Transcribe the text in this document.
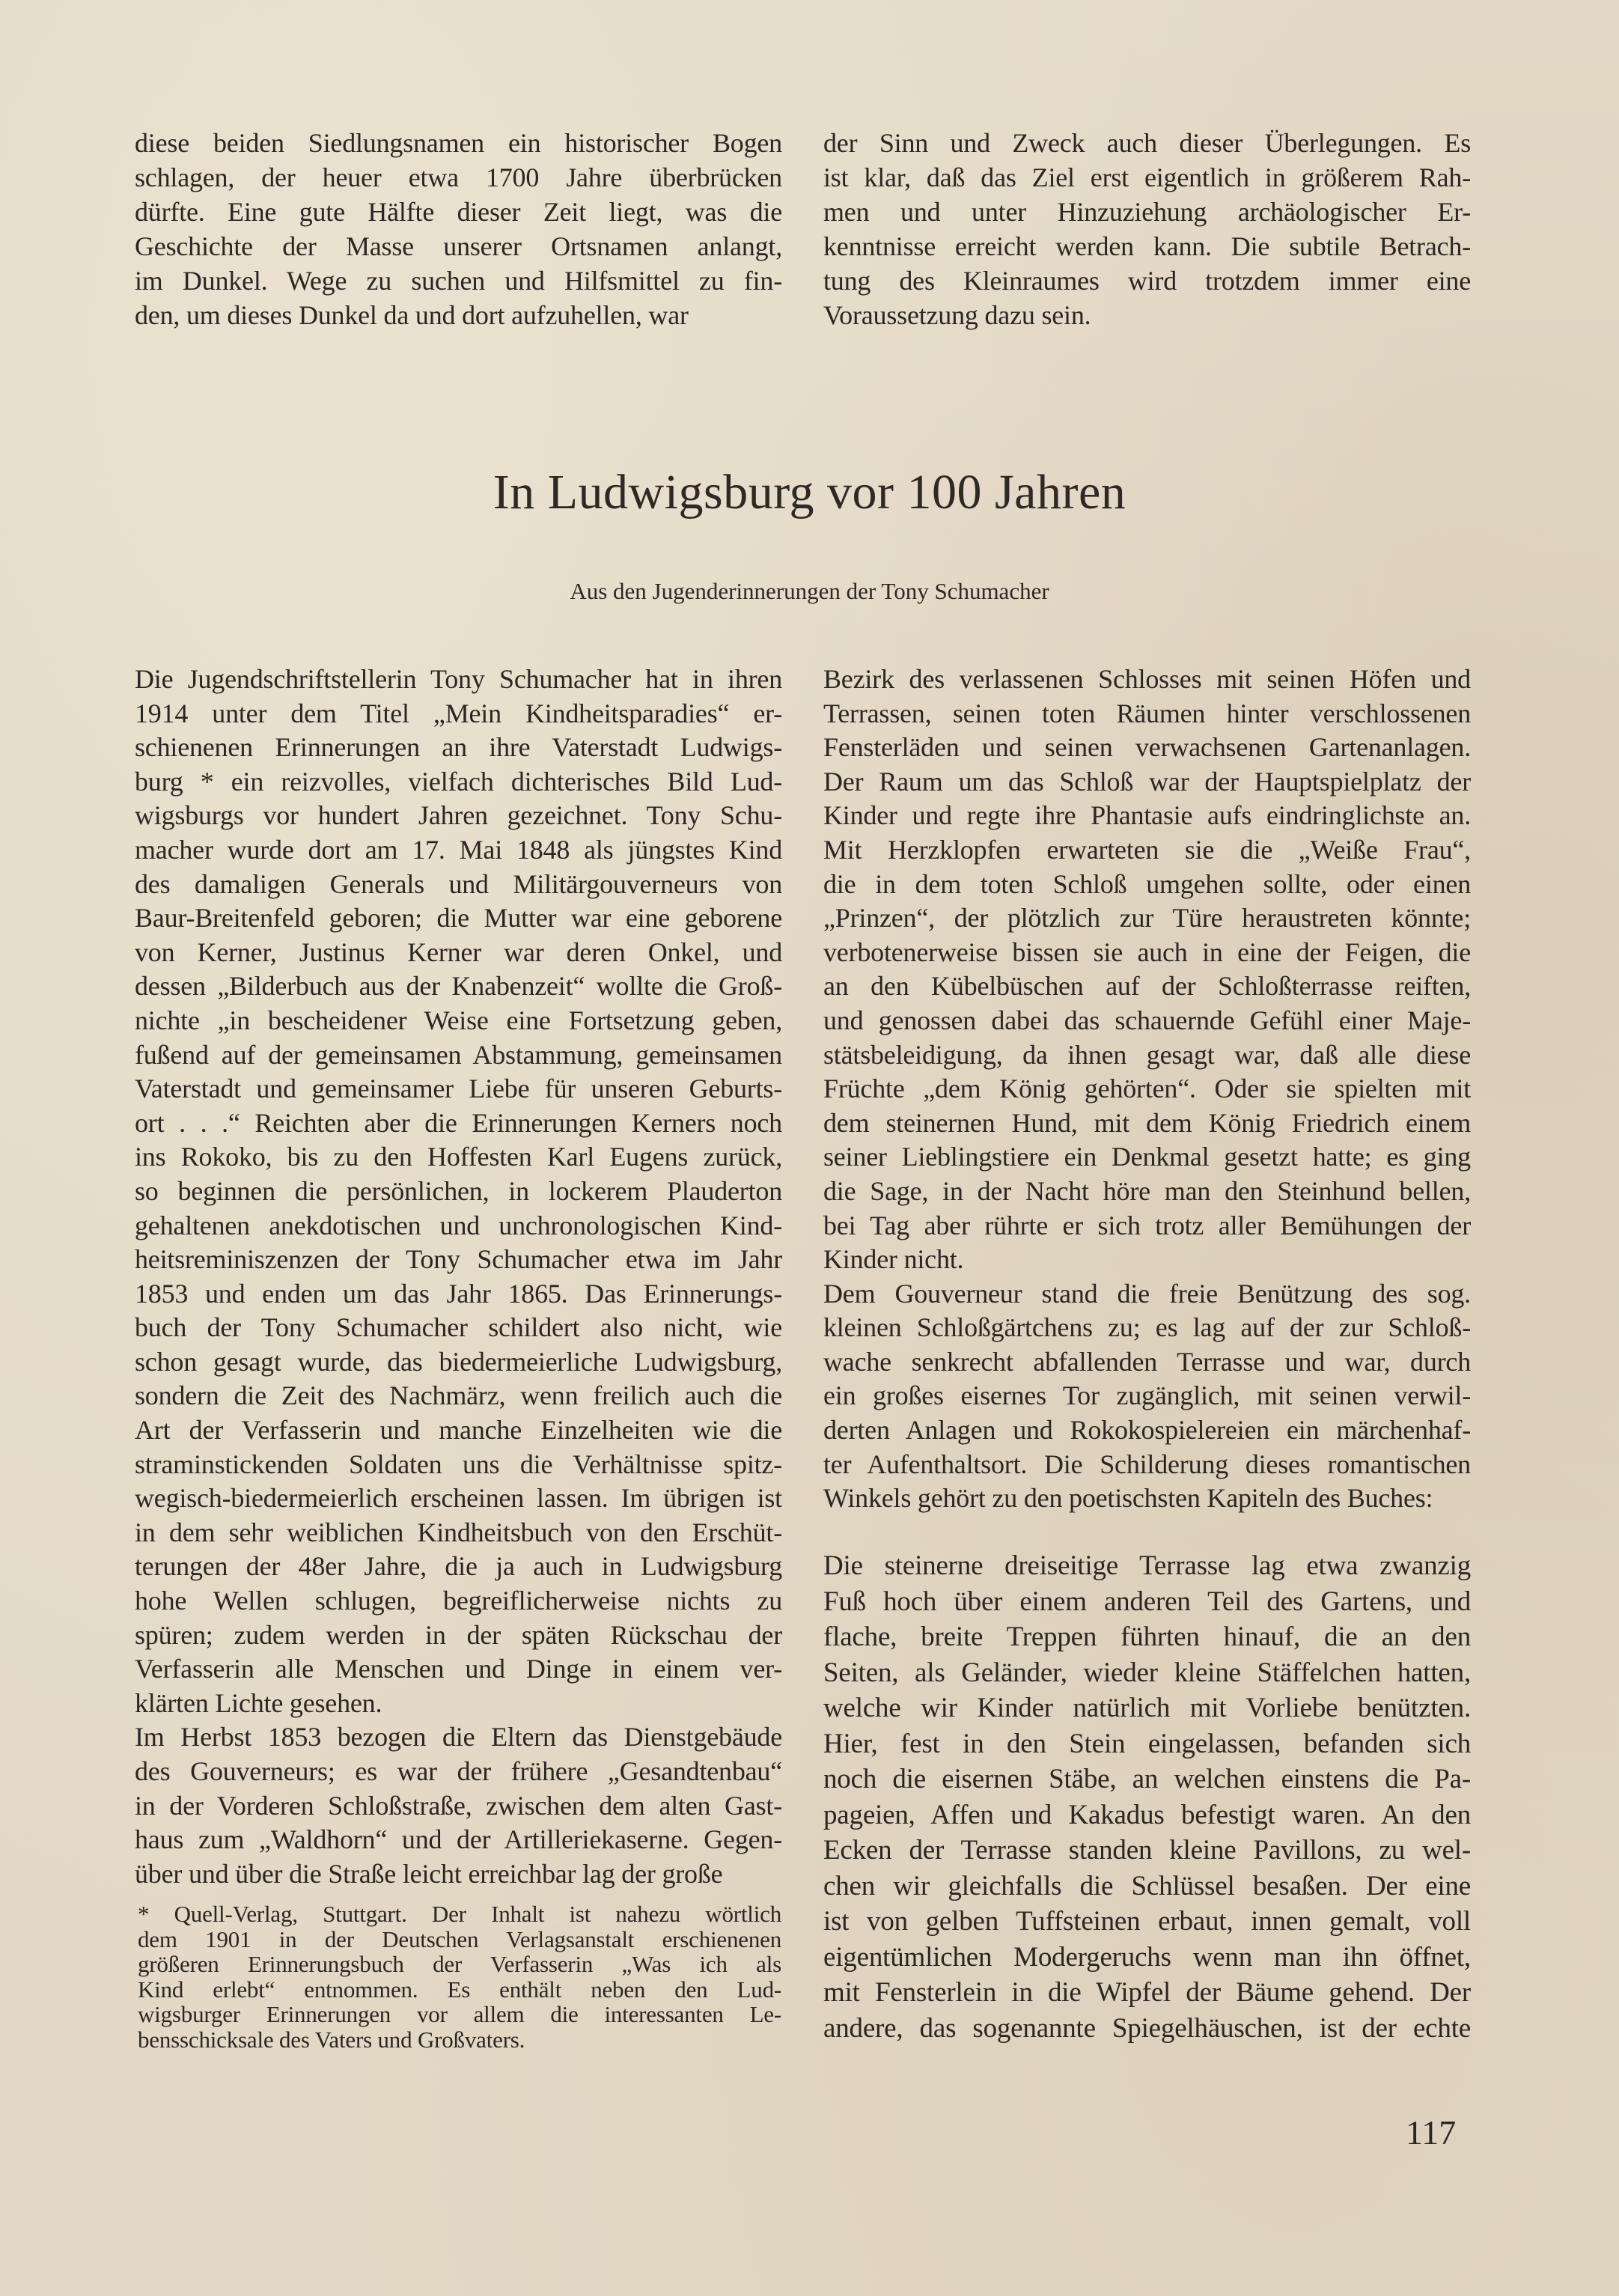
diese beiden Siedlungsnamen ein historischer Bogen
schlagen, der heuer etwa 1700 Jahre überbrücken
dürfte. Eine gute Hälfte dieser Zeit liegt, was die
Geschichte der Masse unserer Ortsnamen anlangt,
im Dunkel. Wege zu suchen und Hilfsmittel zu fin-
den, um dieses Dunkel da und dort aufzuhellen, war
der Sinn und Zweck auch dieser Überlegungen. Es
ist klar, daß das Ziel erst eigentlich in größerem Rah-
men und unter Hinzuziehung archäologischer Er-
kenntnisse erreicht werden kann. Die subtile Betrach-
tung des Kleinraumes wird trotzdem immer eine
Voraussetzung dazu sein.
In Ludwigsburg vor 100 Jahren
Aus den Jugenderinnerungen der Tony Schumacher
Die Jugendschriftstellerin Tony Schumacher hat in ihren
1914 unter dem Titel „Mein Kindheitsparadies“ er-
schienenen Erinnerungen an ihre Vaterstadt Ludwigs-
burg * ein reizvolles, vielfach dichterisches Bild Lud-
wigsburgs vor hundert Jahren gezeichnet. Tony Schu-
macher wurde dort am 17. Mai 1848 als jüngstes Kind
des damaligen Generals und Militärgouverneurs von
Baur-Breitenfeld geboren; die Mutter war eine geborene
von Kerner, Justinus Kerner war deren Onkel, und
dessen „Bilderbuch aus der Knabenzeit“ wollte die Groß-
nichte „in bescheidener Weise eine Fortsetzung geben,
fußend auf der gemeinsamen Abstammung, gemeinsamen
Vaterstadt und gemeinsamer Liebe für unseren Geburts-
ort . . .“ Reichten aber die Erinnerungen Kerners noch
ins Rokoko, bis zu den Hoffesten Karl Eugens zurück,
so beginnen die persönlichen, in lockerem Plauderton
gehaltenen anekdotischen und unchronologischen Kind-
heitsreminiszenzen der Tony Schumacher etwa im Jahr
1853 und enden um das Jahr 1865. Das Erinnerungs-
buch der Tony Schumacher schildert also nicht, wie
schon gesagt wurde, das biedermeierliche Ludwigsburg,
sondern die Zeit des Nachmärz, wenn freilich auch die
Art der Verfasserin und manche Einzelheiten wie die
straminstickenden Soldaten uns die Verhältnisse spitz-
wegisch-biedermeierlich erscheinen lassen. Im übrigen ist
in dem sehr weiblichen Kindheitsbuch von den Erschüt-
terungen der 48er Jahre, die ja auch in Ludwigsburg
hohe Wellen schlugen, begreiflicherweise nichts zu
spüren; zudem werden in der späten Rückschau der
Verfasserin alle Menschen und Dinge in einem ver-
klärten Lichte gesehen.
Im Herbst 1853 bezogen die Eltern das Dienstgebäude
des Gouverneurs; es war der frühere „Gesandtenbau“
in der Vorderen Schloßstraße, zwischen dem alten Gast-
haus zum „Waldhorn“ und der Artilleriekaserne. Gegen-
über und über die Straße leicht erreichbar lag der große
Bezirk des verlassenen Schlosses mit seinen Höfen und
Terrassen, seinen toten Räumen hinter verschlossenen
Fensterläden und seinen verwachsenen Gartenanlagen.
Der Raum um das Schloß war der Hauptspielplatz der
Kinder und regte ihre Phantasie aufs eindringlichste an.
Mit Herzklopfen erwarteten sie die „Weiße Frau“,
die in dem toten Schloß umgehen sollte, oder einen
„Prinzen“, der plötzlich zur Türe heraustreten könnte;
verbotenerweise bissen sie auch in eine der Feigen, die
an den Kübelbüschen auf der Schloßterrasse reiften,
und genossen dabei das schauernde Gefühl einer Maje-
stätsbeleidigung, da ihnen gesagt war, daß alle diese
Früchte „dem König gehörten“. Oder sie spielten mit
dem steinernen Hund, mit dem König Friedrich einem
seiner Lieblingstiere ein Denkmal gesetzt hatte; es ging
die Sage, in der Nacht höre man den Steinhund bellen,
bei Tag aber rührte er sich trotz aller Bemühungen der
Kinder nicht.
Dem Gouverneur stand die freie Benützung des sog.
kleinen Schloßgärtchens zu; es lag auf der zur Schloß-
wache senkrecht abfallenden Terrasse und war, durch
ein großes eisernes Tor zugänglich, mit seinen verwil-
derten Anlagen und Rokokospielereien ein märchenhaf-
ter Aufenthaltsort. Die Schilderung dieses romantischen
Winkels gehört zu den poetischsten Kapiteln des Buches:
Die steinerne dreiseitige Terrasse lag etwa zwanzig
Fuß hoch über einem anderen Teil des Gartens, und
flache, breite Treppen führten hinauf, die an den
Seiten, als Geländer, wieder kleine Stäffelchen hatten,
welche wir Kinder natürlich mit Vorliebe benützten.
Hier, fest in den Stein eingelassen, befanden sich
noch die eisernen Stäbe, an welchen einstens die Pa-
pageien, Affen und Kakadus befestigt waren. An den
Ecken der Terrasse standen kleine Pavillons, zu wel-
chen wir gleichfalls die Schlüssel besaßen. Der eine
ist von gelben Tuffsteinen erbaut, innen gemalt, voll
eigentümlichen Modergeruchs wenn man ihn öffnet,
mit Fensterlein in die Wipfel der Bäume gehend. Der
andere, das sogenannte Spiegelhäuschen, ist der echte
* Quell-Verlag, Stuttgart. Der Inhalt ist nahezu wörtlich
dem 1901 in der Deutschen Verlagsanstalt erschienenen
größeren Erinnerungsbuch der Verfasserin „Was ich als
Kind erlebt“ entnommen. Es enthält neben den Lud-
wigsburger Erinnerungen vor allem die interessanten Le-
bensschicksale des Vaters und Großvaters.
117
